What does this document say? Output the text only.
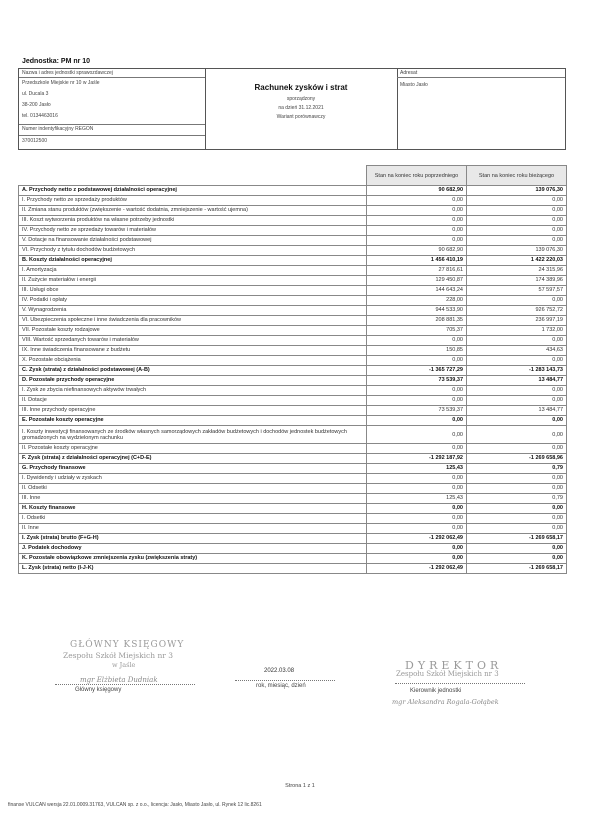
Jednostka: PM nr 10
Nazwa i adres jednostki sprawozdawczej
Przedszkole Miejskie nr 10 w Jaśle
ul. Ducala 3
38-200 Jasło
tel. 0134463016
Numer indentyfikacyjny REGON
370012500
Rachunek zysków i strat
sporządzony
na dzień 31.12.2021
Wariant porównawczy
Adresat
Miasto Jasło
	Stan na koniec roku poprzedniego	Stan na koniec roku bieżącego
A. Przychody netto z podstawowej działalności operacyjnej	90 682,90	139 076,30
I. Przychody netto ze sprzedaży produktów	0,00	0,00
II. Zmiana stanu produktów (zwiększenie - wartość dodatnia, zmniejszenie - wartość ujemna)	0,00	0,00
III. Koszt wytworzenia produktów na własne potrzeby jednostki	0,00	0,00
IV. Przychody netto ze sprzedaży towarów i materiałów	0,00	0,00
V. Dotacje na finansowanie działalności podstawowej	0,00	0,00
VI. Przychody z tytułu dochodów budżetowych	90 682,90	139 076,30
B. Koszty działalności operacyjnej	1 456 410,19	1 422 220,03
I. Amortyzacja	27 816,61	24 315,96
II. Zużycie materiałów i energii	129 450,87	174 389,96
III. Usługi obce	144 643,24	57 597,57
IV. Podatki i opłaty	228,00	0,00
V. Wynagrodzenia	944 533,90	926 752,72
VI. Ubezpieczenia społeczne i inne świadczenia dla pracowników	208 881,35	236 997,19
VII. Pozostałe koszty rodzajowe	705,37	1 732,00
VIII. Wartość sprzedanych towarów i materiałów	0,00	0,00
IX. Inne świadczenia finansowane z budżetu	150,85	434,63
X. Pozostałe obciążenia	0,00	0,00
C. Zysk (strata) z działalności podstawowej (A-B)	-1 365 727,29	-1 283 143,73
D. Pozostałe przychody operacyjne	73 539,37	13 484,77
I. Zysk ze zbycia niefinansowych aktywów trwałych	0,00	0,00
II. Dotacje	0,00	0,00
III. Inne przychody operacyjne	73 539,37	13 484,77
E. Pozostałe koszty operacyjne	0,00	0,00
I. Koszty inwestycji finansowanych ze środków własnych samorządowych zakładów budżetowych i dochodów jednostek budżetowych gromadzonych na wydzielonym rachunku	0,00	0,00
II. Pozostałe koszty operacyjne	0,00	0,00
F. Zysk (strata) z działalności operacyjnej (C+D-E)	-1 292 187,92	-1 269 658,96
G. Przychody finansowe	125,43	0,79
I. Dywidendy i udziały w zyskach	0,00	0,00
II. Odsetki	0,00	0,00
III. Inne	125,43	0,79
H. Koszty finansowe	0,00	0,00
I. Odsetki	0,00	0,00
II. Inne	0,00	0,00
I. Zysk (strata) brutto (F+G-H)	-1 292 062,49	-1 269 658,17
J. Podatek dochodowy	0,00	0,00
K. Pozostałe obowiązkowe zmniejszenia zysku (zwiększenia straty)	0,00	0,00
L. Zysk (strata) netto (I-J-K)	-1 292 062,49	-1 269 658,17
GŁÓWNY KSIĘGOWY
Zespołu Szkół Miejskich nr 3
w Jaśle
mgr Elżbieta Dudniak
Główny księgowy
2022.03.08
rok, miesiąc, dzień
DYREKTOR
Zespołu Szkół Miejskich nr 3
Kierownik jednostki
mgr Aleksandra Rogala-Gołąbek
Strona 1 z 1
finanse VULCAN wersja 22.01.0009.31763, VULCAN sp. z o.o., licencja: Jasło, Miasto Jasło, ul. Rynek 12 lic.8261
